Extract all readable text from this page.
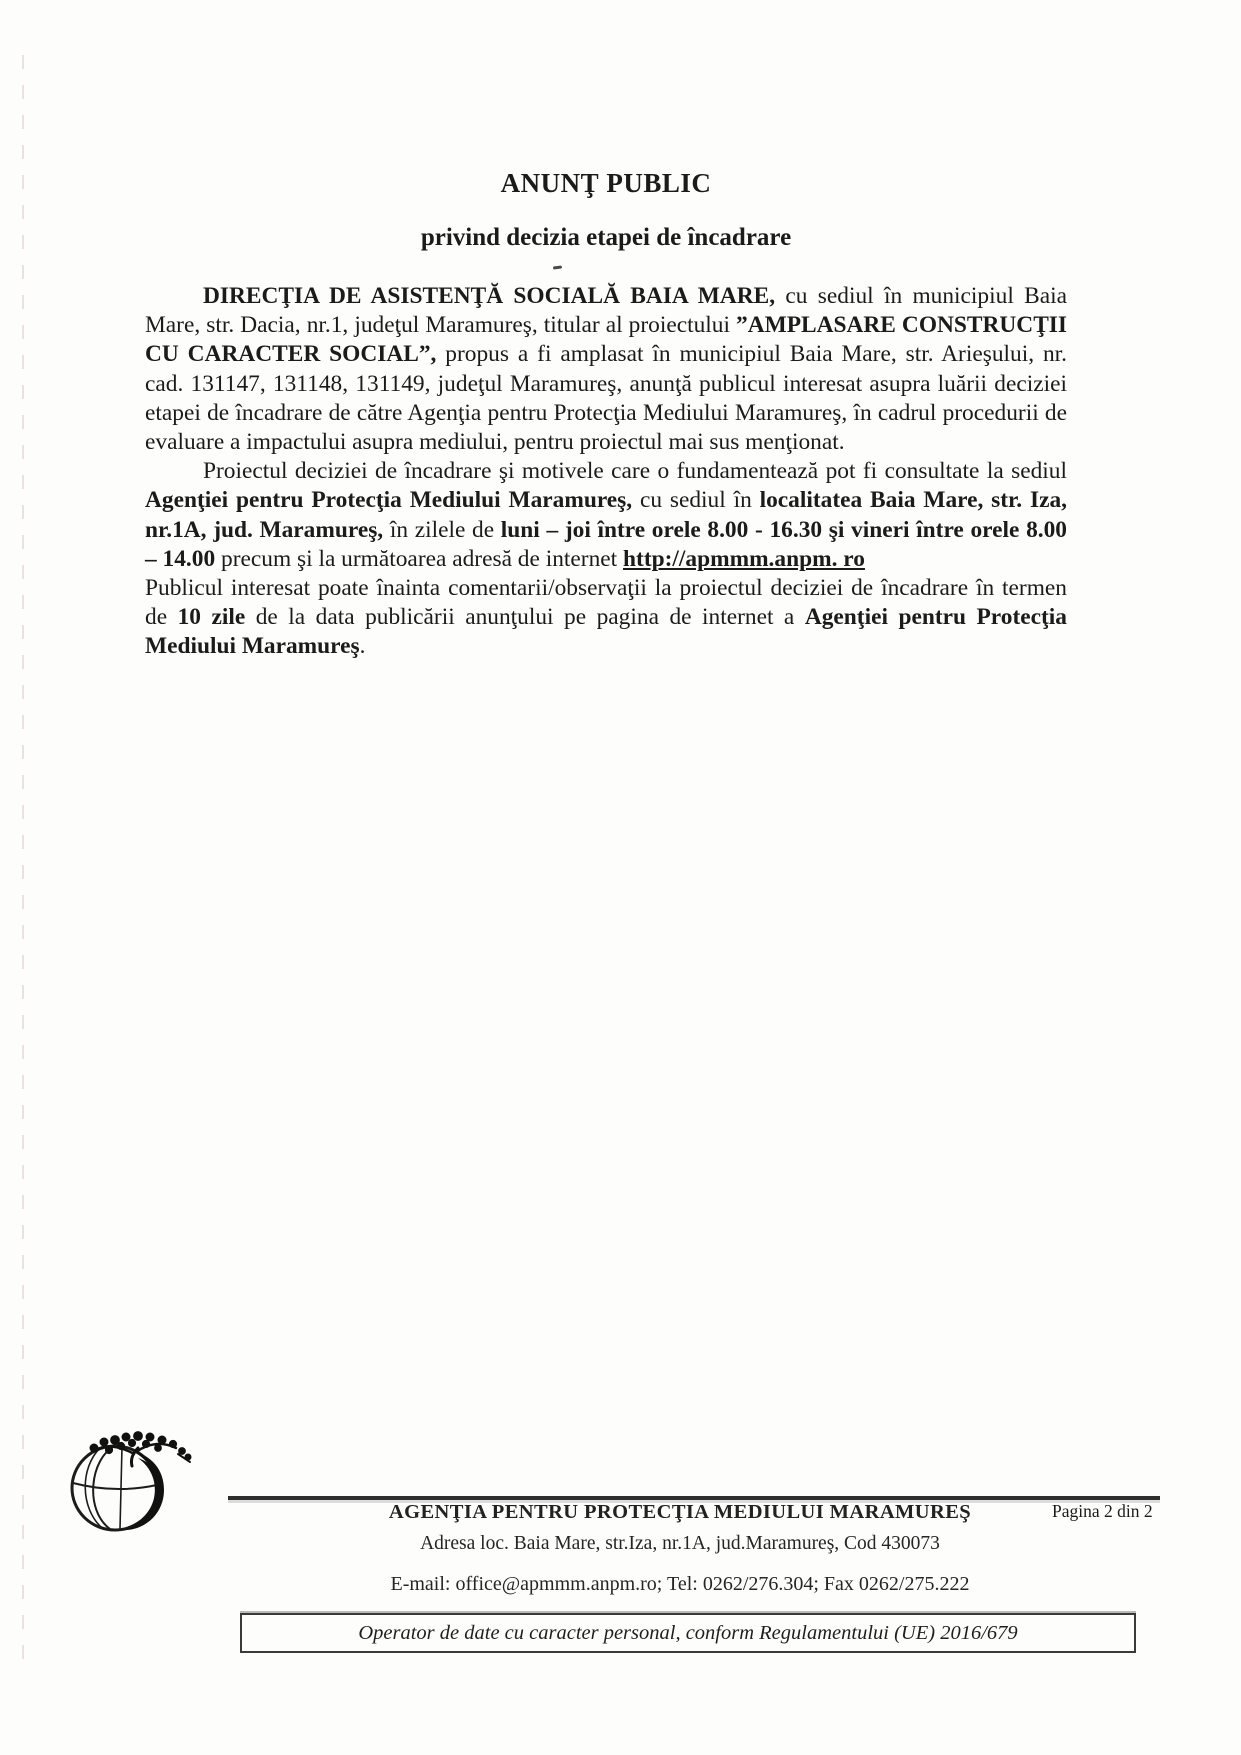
ANUNŢ PUBLIC
privind decizia etapei de încadrare

DIRECŢIA DE ASISTENŢĂ SOCIALĂ BAIA MARE, cu sediul în municipiul Baia Mare, str. Dacia, nr.1, judeţul Maramureş, titular al proiectului ”AMPLASARE CONSTRUCŢII CU CARACTER SOCIAL”, propus a fi amplasat în municipiul Baia Mare, str. Arieşului, nr. cad. 131147, 131148, 131149, judeţul Maramureş, anunţă publicul interesat asupra luării deciziei etapei de încadrare de către Agenţia pentru Protecţia Mediului Maramureş, în cadrul procedurii de evaluare a impactului asupra mediului, pentru proiectul mai sus menţionat.

Proiectul deciziei de încadrare şi motivele care o fundamentează pot fi consultate la sediul Agenţiei pentru Protecţia Mediului Maramureş, cu sediul în localitatea Baia Mare, str. Iza, nr.1A, jud. Maramureş, în zilele de luni – joi între orele 8.00 - 16.30 şi vineri între orele 8.00 – 14.00 precum şi la următoarea adresă de internet http://apmmm.anpm. ro

Publicul interesat poate înainta comentarii/observaţii la proiectul deciziei de încadrare în termen de 10 zile de la data publicării anunţului pe pagina de internet a Agenţiei pentru Protecţia Mediului Maramureş.

Pagina 2 din 2
AGENŢIA PENTRU PROTECŢIA MEDIULUI MARAMUREŞ
Adresa loc. Baia Mare, str.Iza, nr.1A, jud.Maramureş, Cod 430073
E-mail: office@apmmm.anpm.ro; Tel: 0262/276.304; Fax 0262/275.222
Operator de date cu caracter personal, conform Regulamentului (UE) 2016/679
